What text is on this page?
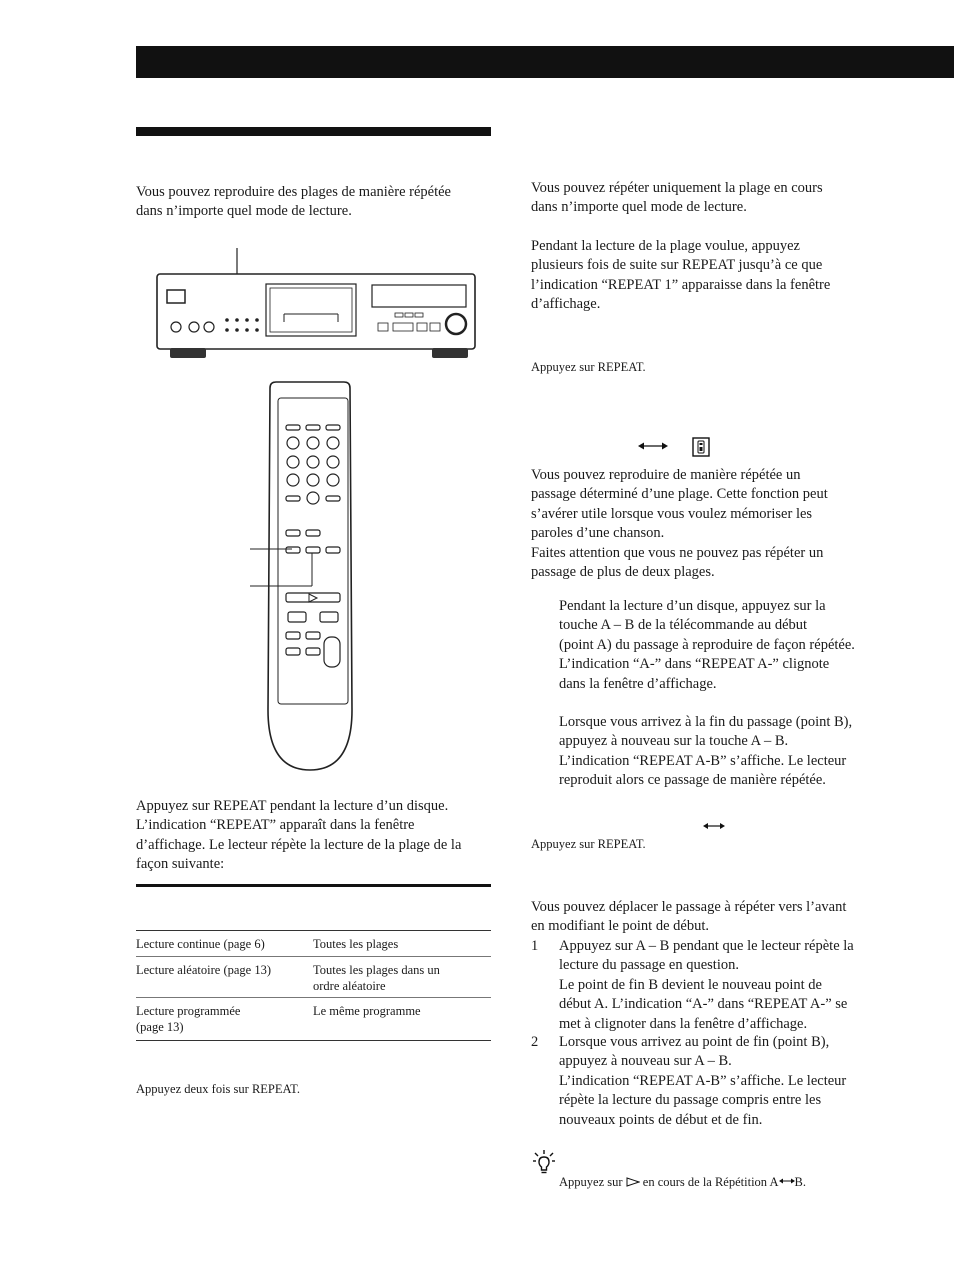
Vous pouvez reproduire des plages de manière répétée
dans n’importe quel mode de lecture.
Appuyez sur REPEAT pendant la lecture d’un disque.
L’indication “REPEAT” apparaît dans la fenêtre
d’affichage. Le lecteur répète la lecture de la plage de la
façon suivante:
Lecture continue (page 6)	Toutes les plages
Lecture aléatoire (page 13)	Toutes les plages dans un
ordre aléatoire
Lecture programmée
(page 13)
Le même programme
Appuyez deux fois sur REPEAT.
Vous pouvez répéter uniquement la plage en cours
dans n’importe quel mode de lecture.
Pendant la lecture de la plage voulue, appuyez
plusieurs fois de suite sur REPEAT jusqu’à ce que
l’indication “REPEAT 1” apparaisse dans la fenêtre
d’affichage.
Appuyez sur REPEAT.
Vous pouvez reproduire de manière répétée un
passage déterminé d’une plage. Cette fonction peut
s’avérer utile lorsque vous voulez mémoriser les
paroles d’une chanson.
Faites attention que vous ne pouvez pas répéter un
passage de plus de deux plages.
Pendant la lecture d’un disque, appuyez sur la
touche A – B de la télécommande au début
(point A) du passage à reproduire de façon répétée.
L’indication “A-” dans “REPEAT A-” clignote
dans la fenêtre d’affichage.
Lorsque vous arrivez à la fin du passage (point B),
appuyez à nouveau sur la touche A – B.
L’indication “REPEAT A-B” s’affiche. Le lecteur
reproduit alors ce passage de manière répétée.
Appuyez sur REPEAT.
Vous pouvez déplacer le passage à répéter vers l’avant
en modifiant le point de début.
1 Appuyez sur A – B pendant que le lecteur répète la
lecture du passage en question.
Le point de fin B devient le nouveau point de
début A. L’indication “A-” dans “REPEAT A-” se
met à clignoter dans la fenêtre d’affichage.
2 Lorsque vous arrivez au point de fin (point B),
appuyez à nouveau sur A – B.
L’indication “REPEAT A-B” s’affiche. Le lecteur
répète la lecture du passage compris entre les
nouveaux points de début et de fin.
Appuyez sur en cours de la Répétition A B.
